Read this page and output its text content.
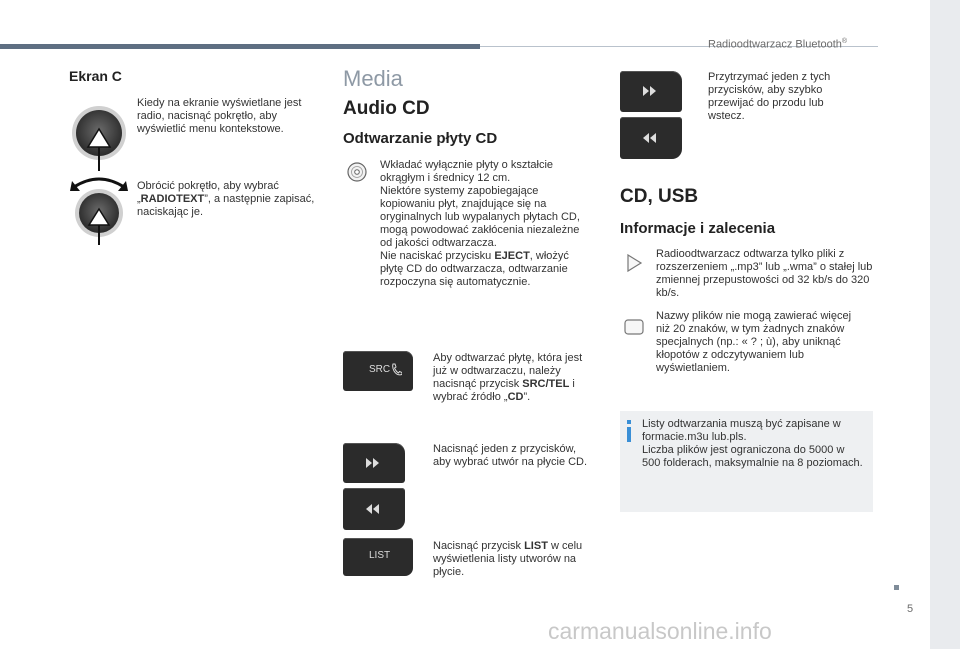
Radioodtwarzacz Bluetooth®
Ekran C
Kiedy na ekranie wyświetlane jest radio, nacisnąć pokrętło, aby wyświetlić menu kontekstowe.
Obrócić pokrętło, aby wybrać „RADIOTEXT”, a następnie zapisać, naciskając je.
Media
Audio CD
Odtwarzanie płyty CD
Wkładać wyłącznie płyty o kształcie okrągłym i średnicy 12 cm.
Niektóre systemy zapobiegające kopiowaniu płyt, znajdujące się na oryginalnych lub wypalanych płytach CD, mogą powodować zakłócenia niezależne od jakości odtwarzacza.
Nie naciskać przycisku EJECT, włożyć płytę CD do odtwarzacza, odtwarzanie rozpoczyna się automatycznie.
SRC
Aby odtwarzać płytę, która jest już w odtwarzaczu, należy nacisnąć przycisk SRC/TEL i wybrać źródło „CD”.
Nacisnąć jeden z przycisków, aby wybrać utwór na płycie CD.
LIST
Nacisnąć przycisk LIST w celu wyświetlenia listy utworów na płycie.
Przytrzymać jeden z tych przycisków, aby szybko przewijać do przodu lub wstecz.
CD, USB
Informacje i zalecenia
Radioodtwarzacz odtwarza tylko pliki z rozszerzeniem „.mp3” lub „.wma” o stałej lub zmiennej przepustowości od 32 kb/s do 320 kb/s.
Nazwy plików nie mogą zawierać więcej niż 20 znaków, w tym żadnych znaków specjalnych (np.: « ? ; ù), aby uniknąć kłopotów z odczytywaniem lub wyświetlaniem.
Listy odtwarzania muszą być zapisane w formacie.m3u lub.pls.
Liczba plików jest ograniczona do 5000 w 500 folderach, maksymalnie na 8 poziomach.
5
carmanualsonline.info
